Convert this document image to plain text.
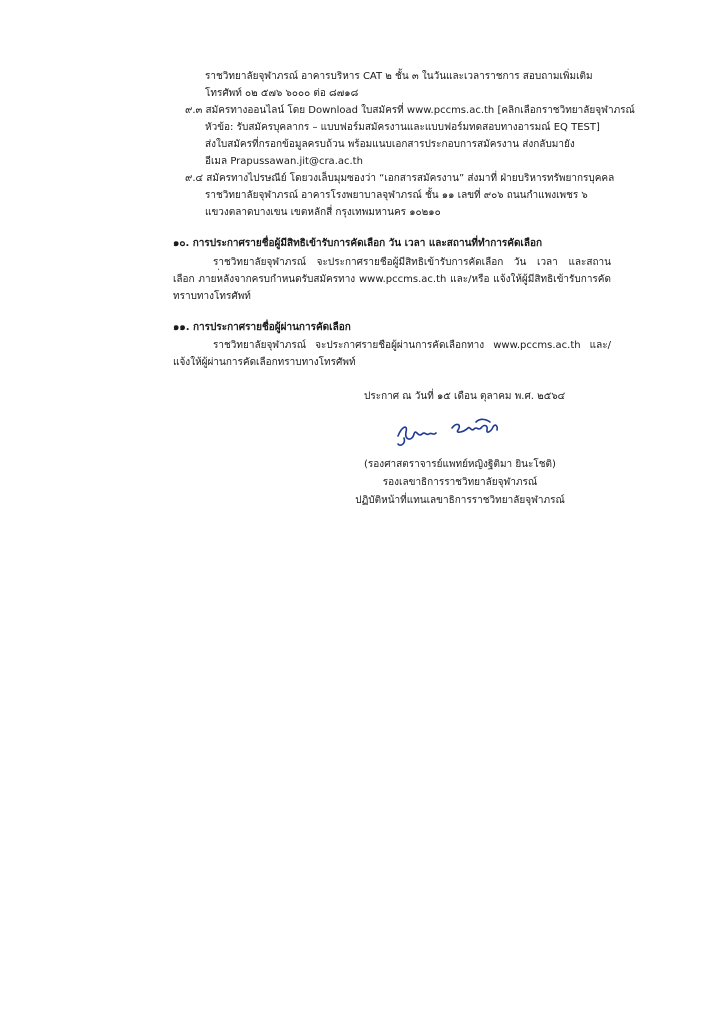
ราชวิทยาลัยจุฬาภรณ์ อาคารบริหาร CAT ๒ ชั้น ๓ ในวันและเวลาราชการ สอบถามเพิ่มเติม
โทรศัพท์ ๐๒ ๕๗๖ ๖๐๐๐ ต่อ ๘๗๑๘
๙.๓ สมัครทางออนไลน์ โดย Download ใบสมัครที่ www.pccms.ac.th [คลิกเลือกราชวิทยาลัยจุฬาภรณ์
หัวข้อ: รับสมัครบุคลากร – แบบฟอร์มสมัครงานและแบบฟอร์มทดสอบทางอารมณ์ EQ TEST]
ส่งใบสมัครที่กรอกข้อมูลครบถ้วน พร้อมแนบเอกสารประกอบการสมัครงาน ส่งกลับมายัง
อีเมล Prapussawan.jit@cra.ac.th
๙.๔ สมัครทางไปรษณีย์ โดยวงเล็บมุมซองว่า “เอกสารสมัครงาน” ส่งมาที่ ฝ่ายบริหารทรัพยากรบุคคล
ราชวิทยาลัยจุฬาภรณ์ อาคารโรงพยาบาลจุฬาภรณ์ ชั้น ๑๑ เลขที่ ๙๐๖ ถนนกำแพงเพชร ๖
แขวงตลาดบางเขน เขตหลักสี่ กรุงเทพมหานคร ๑๐๒๑๐
๑๐. การประกาศรายชื่อผู้มีสิทธิเข้ารับการคัดเลือก วัน เวลา และสถานที่ทำการคัดเลือก
ราชวิทยาลัยจุฬาภรณ์ จะประกาศรายชื่อผู้มีสิทธิเข้ารับการคัดเลือก วัน เวลา และสถาน
เลือก ภายหลังจากครบกำหนดรับสมัครทาง www.pccms.ac.th และ/หรือ แจ้งให้ผู้มีสิทธิเข้ารับการคัด
ทราบทางโทรศัพท์
๑๑. การประกาศรายชื่อผู้ผ่านการคัดเลือก
ราชวิทยาลัยจุฬาภรณ์ จะประกาศรายชื่อผู้ผ่านการคัดเลือกทาง www.pccms.ac.th และ/
แจ้งให้ผู้ผ่านการคัดเลือกทราบทางโทรศัพท์
ประกาศ ณ วันที่ ๑๕ เดือน ตุลาคม พ.ศ. ๒๕๖๔
(รองศาสตราจารย์แพทย์หญิงฐิติมา ยินะโชติ)
รองเลขาธิการราชวิทยาลัยจุฬาภรณ์
ปฏิบัติหน้าที่แทนเลขาธิการราชวิทยาลัยจุฬาภรณ์
